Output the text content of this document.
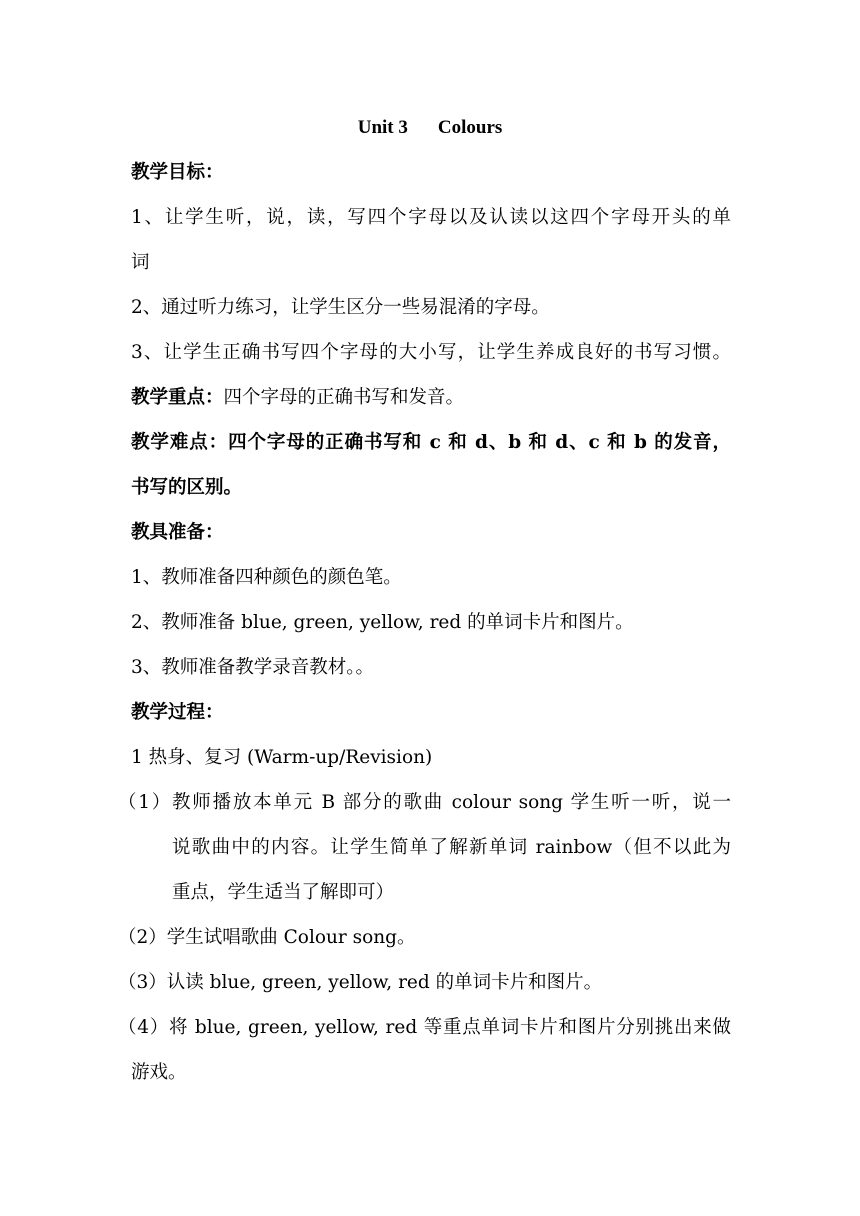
Unit 3 Colours
教学目标：
1、让学生听，说，读，写四个字母以及认读以这四个字母开头的单
词
2、通过听力练习，让学生区分一些易混淆的字母。
3、让学生正确书写四个字母的大小写，让学生养成良好的书写习惯。
教学重点：四个字母的正确书写和发音。
教学难点：四个字母的正确书写和 c 和 d、b 和 d、c 和 b 的发音，
书写的区别。
教具准备：
1、教师准备四种颜色的颜色笔。
2、教师准备 blue, green, yellow, red 的单词卡片和图片。
3、教师准备教学录音教材。。
教学过程：
1 热身、复习 (Warm-up/Revision)
（1）教师播放本单元 B 部分的歌曲 colour song 学生听一听，说一
说歌曲中的内容。让学生简单了解新单词 rainbow（但不以此为
重点，学生适当了解即可）
（2）学生试唱歌曲 Colour song。
（3）认读 blue, green, yellow, red 的单词卡片和图片。
（4）将 blue, green, yellow, red 等重点单词卡片和图片分别挑出来做
游戏。
